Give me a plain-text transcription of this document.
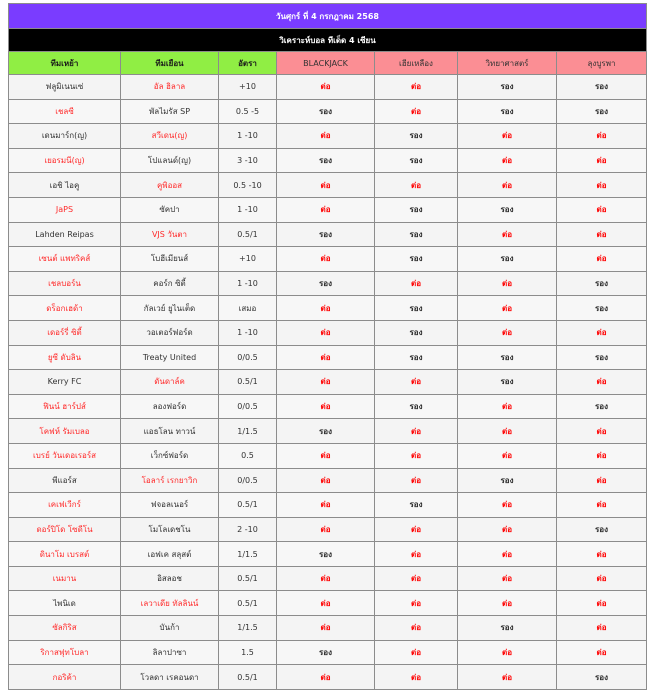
วันศุกร์ ที่ 4 กรกฎาคม 2568						
วิเคราะห์บอล ทีเด็ด 4 เซียน						
ทีมเหย้า	ทีมเยือน	อัตรา	BLACKJACK	เฮียเหลือง	วิทยาศาสตร์	ลุงบูรพา
ฟลูมิเนนเซ่	อัล ฮิลาล	+10	ต่อ	ต่อ	รอง	รอง
เชลซี	พัลไมรัส SP	0.5 -5	รอง	ต่อ	รอง	รอง
เดนมาร์ก(ญ)	สวีเดน(ญ)	1 -10	ต่อ	รอง	ต่อ	ต่อ
เยอรมนี(ญ)	โปแลนด์(ญ)	3 -10	รอง	รอง	ต่อ	ต่อ
เอชิ ไอคู	คูพิออส	0.5 -10	ต่อ	ต่อ	ต่อ	ต่อ
JaPS	ซัคปา	1 -10	ต่อ	รอง	รอง	ต่อ
Lahden Reipas	VJS วันตา	0.5/1	รอง	รอง	ต่อ	ต่อ
เซนต์ แพทริคส์	โบฮีเมียนส์	+10	ต่อ	รอง	รอง	ต่อ
เชลบอร์น	คอร์ก ซิตี้	1 -10	รอง	ต่อ	ต่อ	รอง
ดร็อกเฮด้า	กัลเวย์ ยูไนเต็ด	เสมอ	ต่อ	รอง	ต่อ	รอง
เดอร์รี่ ซิตี้	วอเตอร์ฟอร์ด	1 -10	ต่อ	รอง	ต่อ	ต่อ
ยูซี ดับลิน	Treaty United	0/0.5	ต่อ	รอง	รอง	รอง
Kerry FC	ดันดาล์ค	0.5/1	ต่อ	ต่อ	รอง	ต่อ
ฟินน์ ฮาร์ปส์	ลองฟอร์ด	0/0.5	ต่อ	รอง	ต่อ	รอง
โคฟห์ รัมเบลอ	แอธโลน ทาวน์	1/1.5	รอง	ต่อ	ต่อ	ต่อ
เบรย์ วันเดอเรอร์ส	เว็กซ์ฟอร์ด	0.5	ต่อ	ต่อ	ต่อ	ต่อ
พีแอร์ส	โอลาร์ เรกยาวิก	0/0.5	ต่อ	ต่อ	รอง	ต่อ
เคเฟเวีกร์	ฟจอลเนอร์	0.5/1	ต่อ	รอง	ต่อ	ต่อ
ดอร์ปิโด โซดีโน	โมโลเดชโน	2 -10	ต่อ	ต่อ	ต่อ	รอง
ดินาโม เบรสต์	เอฟเค สลุสต์	1/1.5	รอง	ต่อ	ต่อ	ต่อ
เนมาน	อิสลอช	0.5/1	ต่อ	ต่อ	ต่อ	ต่อ
ไพนิเด	เลวาเดีย ทัลลินน์	0.5/1	ต่อ	ต่อ	ต่อ	ต่อ
ซัลกิริส	บันก้า	1/1.5	ต่อ	ต่อ	รอง	ต่อ
ริกาสฟุทโบลา	ลิลาปาซา	1.5	รอง	ต่อ	ต่อ	ต่อ
กอริค้า	โวลดา เรคอนดา	0.5/1	ต่อ	ต่อ	ต่อ	รอง
